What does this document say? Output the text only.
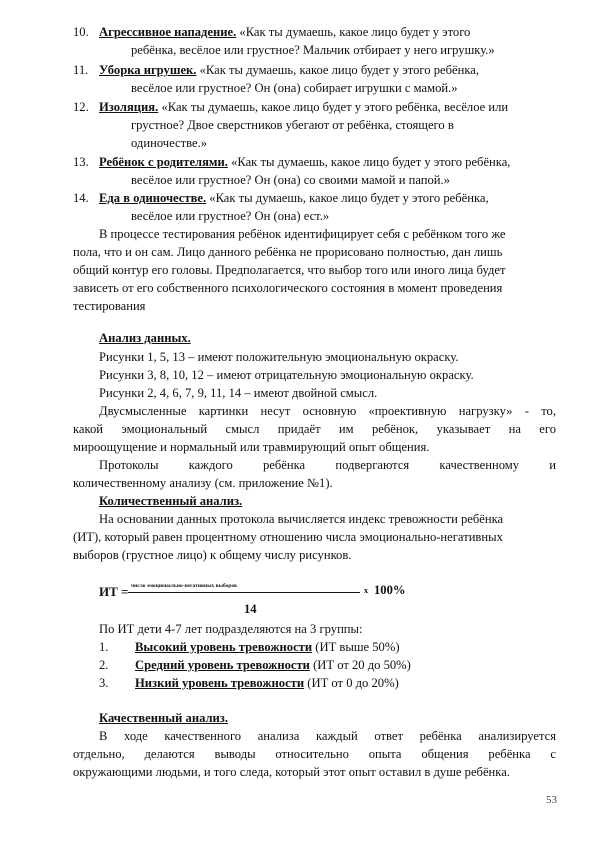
10. Агрессивное нападение. «Как ты думаешь, какое лицо будет у этого
ребёнка, весёлое или грустное? Мальчик отбирает у него игрушку.»
11. Уборка игрушек. «Как ты думаешь, какое лицо будет у этого ребёнка,
весёлое или грустное? Он (она) собирает игрушки с мамой.»
12. Изоляция. «Как ты думаешь, какое лицо будет у этого ребёнка, весёлое или
грустное? Двое сверстников убегают от ребёнка, стоящего в
одиночестве.»
13. Ребёнок с родителями. «Как ты думаешь, какое лицо будет у этого ребёнка,
весёлое или грустное? Он (она) со своими мамой и папой.»
14. Еда в одиночестве. «Как ты думаешь, какое лицо будет у этого ребёнка,
весёлое или грустное? Он (она) ест.»
В процессе тестирования ребёнок идентифицирует себя с ребёнком того же
пола, что и он сам. Лицо данного ребёнка не прорисовано полностью, дан лишь
общий контур его головы. Предполагается, что выбор того или иного лица будет
зависеть от его собственного психологического состояния в момент проведения
тестирования
Анализ данных.
Рисунки 1, 5, 13 – имеют положительную эмоциональную окраску.
Рисунки 3, 8, 10, 12 – имеют отрицательную эмоциональную окраску.
Рисунки 2, 4, 6, 7, 9, 11, 14 – имеют двойной смысл.
Двусмысленные картинки несут основную «проективную нагрузку» - то,
какой эмоциональный смысл придаёт им ребёнок, указывает на его
мироощущение и нормальный или травмирующий опыт общения.
Протоколы каждого ребёнка подвергаются качественному и
количественному анализу (см. приложение №1).
Количественный анализ.
На основании данных протокола вычисляется индекс тревожности ребёнка
(ИТ), который равен процентному отношению числа эмоционально-негативных
выборов (грустное лицо) к общему числу рисунков.
ИТ = число эмоционально-негативных выборов	х 100%
14
По ИТ дети 4-7 лет подразделяются на 3 группы:
1. Высокий уровень тревожности (ИТ выше 50%)
2. Средний уровень тревожности (ИТ от 20 до 50%)
3. Низкий уровень тревожности (ИТ от 0 до 20%)
Качественный анализ.
В ходе качественного анализа каждый ответ ребёнка анализируется
отдельно, делаются выводы относительно опыта общения ребёнка с
окружающими людьми, и того следа, который этот опыт оставил в душе ребёнка.
53
